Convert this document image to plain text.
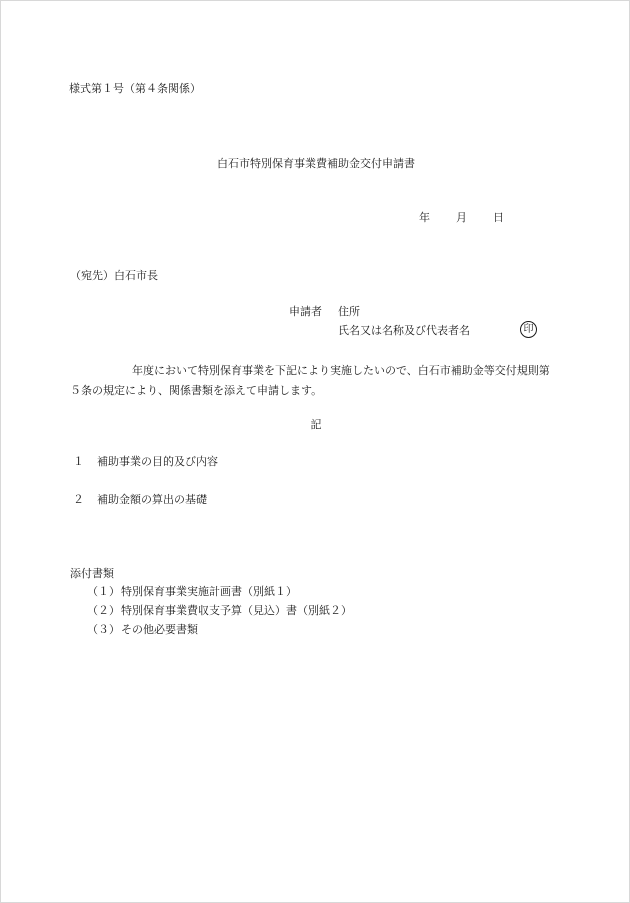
様式第１号（第４条関係）
白石市特別保育事業費補助金交付申請書
年 月 日
（宛先）白石市長
申請者 住所
氏名又は名称及び代表者名	印
年度において特別保育事業を下記により実施したいので、白石市補助金等交付規則第５条の規定により、関係書類を添えて申請します。
記
１ 補助事業の目的及び内容
２ 補助金額の算出の基礎
添付書類
（１）特別保育事業実施計画書（別紙１）
（２）特別保育事業費収支予算（見込）書（別紙２）
（３）その他必要書類
